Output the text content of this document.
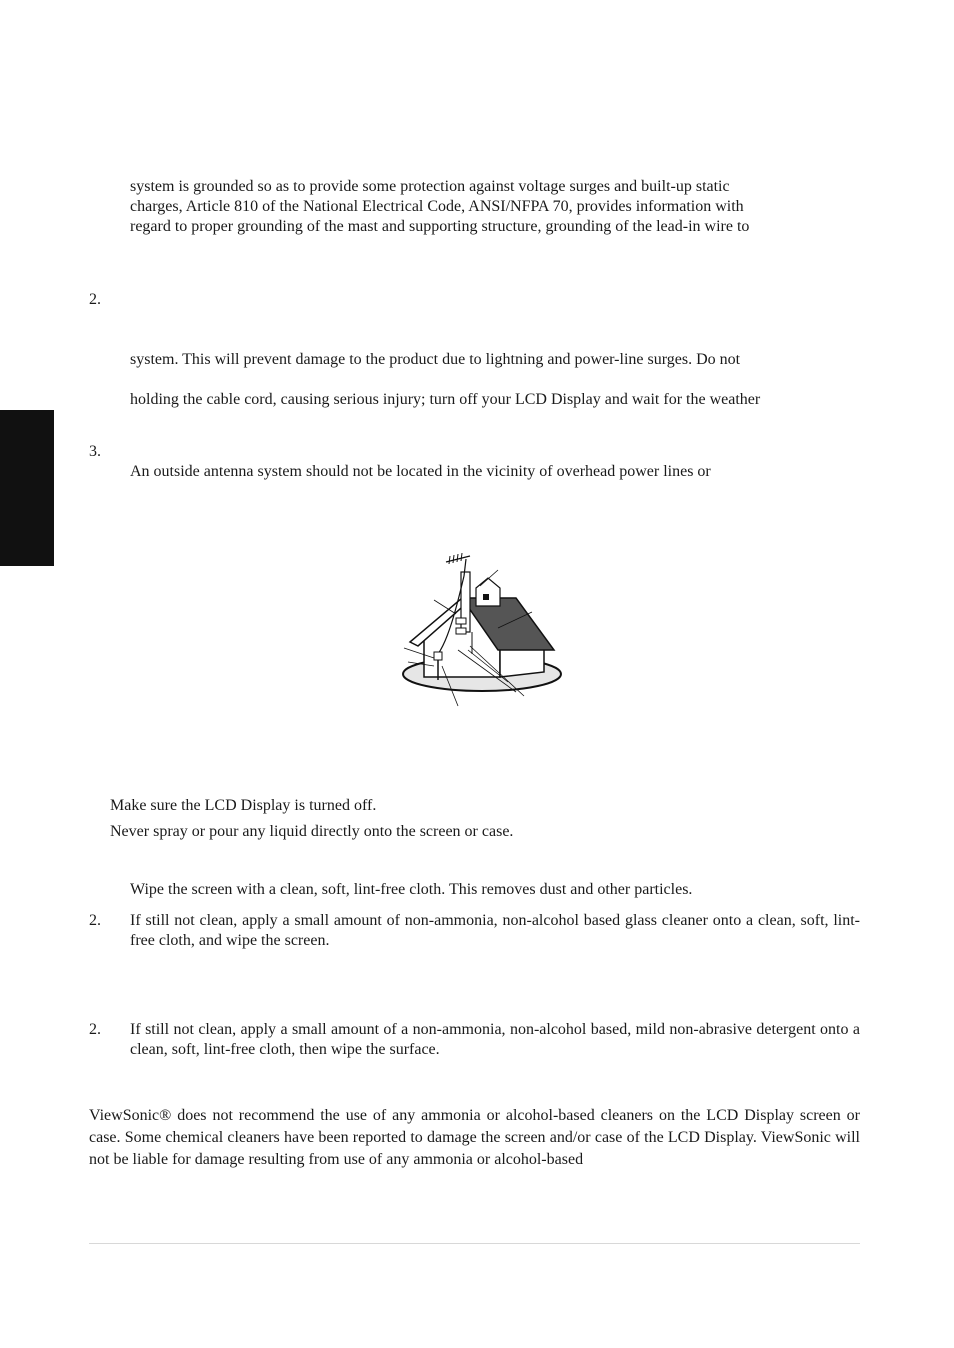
system is grounded so as to provide some protection against voltage surges and built-up static
charges, Article 810 of the National Electrical Code, ANSI/NFPA 70, provides information with
regard to proper grounding of the mast and supporting structure, grounding of the lead-in wire to
2.
system. This will prevent damage to the product due to lightning and power-line surges. Do not
holding the cable cord, causing serious injury; turn off your LCD Display and wait for the weather
3.
An outside antenna system should not be located in the vicinity of overhead power lines or
Make sure the LCD Display is turned off.
Never spray or pour any liquid directly onto the screen or case.
Wipe the screen with a clean, soft, lint-free cloth. This removes dust and other particles.
2. If still not clean, apply a small amount of non-ammonia, non-alcohol based glass cleaner onto a clean, soft, lint-free cloth, and wipe the screen.
2. If still not clean, apply a small amount of a non-ammonia, non-alcohol based, mild non-abrasive detergent onto a clean, soft, lint-free cloth, then wipe the surface.
ViewSonic® does not recommend the use of any ammonia or alcohol-based cleaners on the LCD Display screen or case. Some chemical cleaners have been reported to damage the screen and/or case of the LCD Display. ViewSonic will not be liable for damage resulting from use of any ammonia or alcohol-based
